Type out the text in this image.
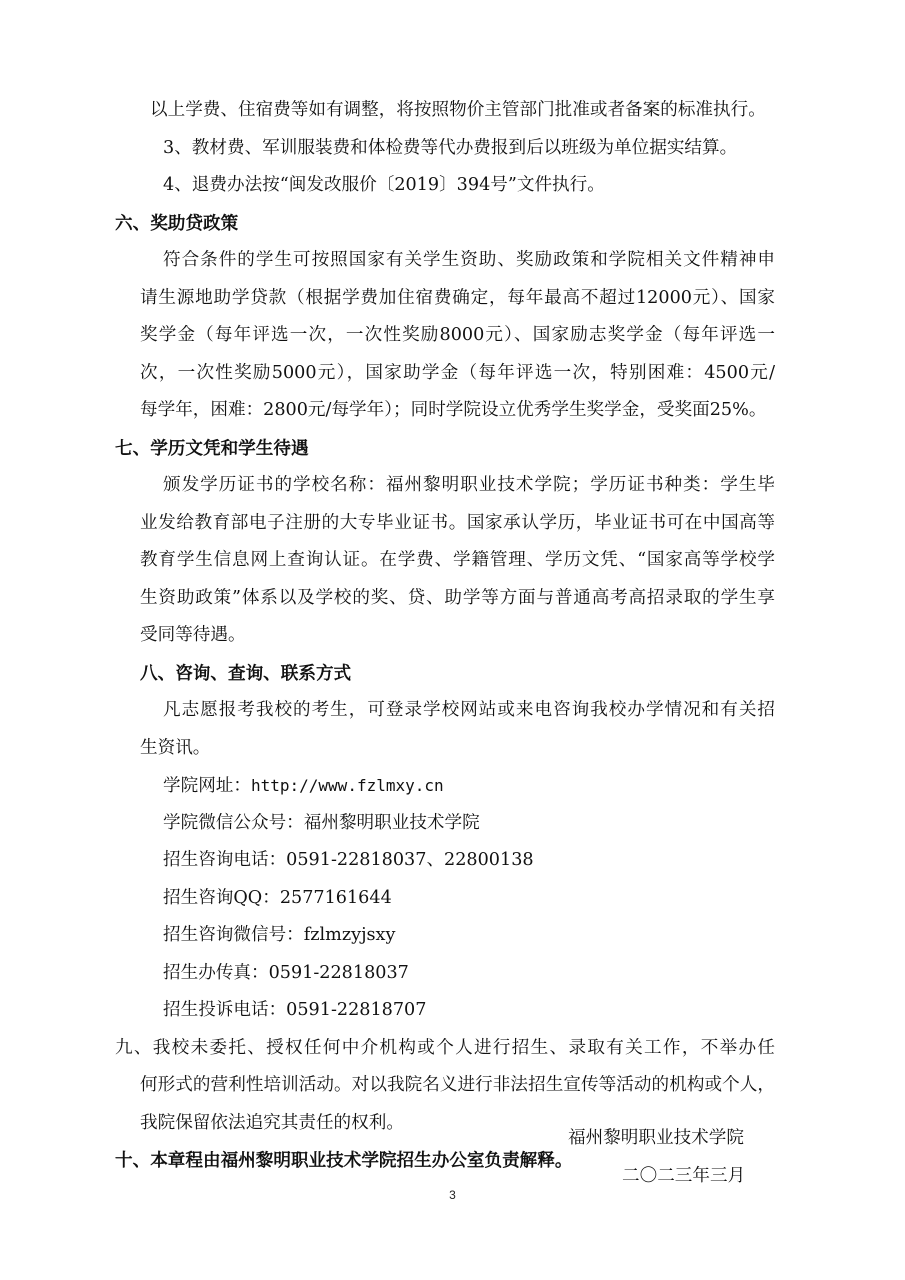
以上学费、住宿费等如有调整，将按照物价主管部门批准或者备案的标准执行。
3、教材费、军训服装费和体检费等代办费报到后以班级为单位据实结算。
4、退费办法按“闽发改服价〔2019〕394号”文件执行。
六、奖助贷政策
符合条件的学生可按照国家有关学生资助、奖励政策和学院相关文件精神申
请生源地助学贷款（根据学费加住宿费确定，每年最高不超过12000元）、国家
奖学金（每年评选一次，一次性奖励8000元）、国家励志奖学金（每年评选一
次，一次性奖励5000元），国家助学金（每年评选一次，特别困难：4500元/
每学年，困难：2800元/每学年）；同时学院设立优秀学生奖学金，受奖面25%。
七、学历文凭和学生待遇
颁发学历证书的学校名称：福州黎明职业技术学院；学历证书种类：学生毕
业发给教育部电子注册的大专毕业证书。国家承认学历，毕业证书可在中国高等
教育学生信息网上查询认证。在学费、学籍管理、学历文凭、“国家高等学校学
生资助政策”体系以及学校的奖、贷、助学等方面与普通高考高招录取的学生享
受同等待遇。
八、咨询、查询、联系方式
凡志愿报考我校的考生，可登录学校网站或来电咨询我校办学情况和有关招
生资讯。
学院网址：http://www.fzlmxy.cn
学院微信公众号：福州黎明职业技术学院
招生咨询电话：0591-22818037、22800138
招生咨询QQ：2577161644
招生咨询微信号：fzlmzyjsxy
招生办传真：0591-22818037
招生投诉电话：0591-22818707
九、我校未委托、授权任何中介机构或个人进行招生、录取有关工作，不举办任
何形式的营利性培训活动。对以我院名义进行非法招生宣传等活动的机构或个人，
我院保留依法追究其责任的权利。
十、本章程由福州黎明职业技术学院招生办公室负责解释。
福州黎明职业技术学院
二〇二三年三月
3
